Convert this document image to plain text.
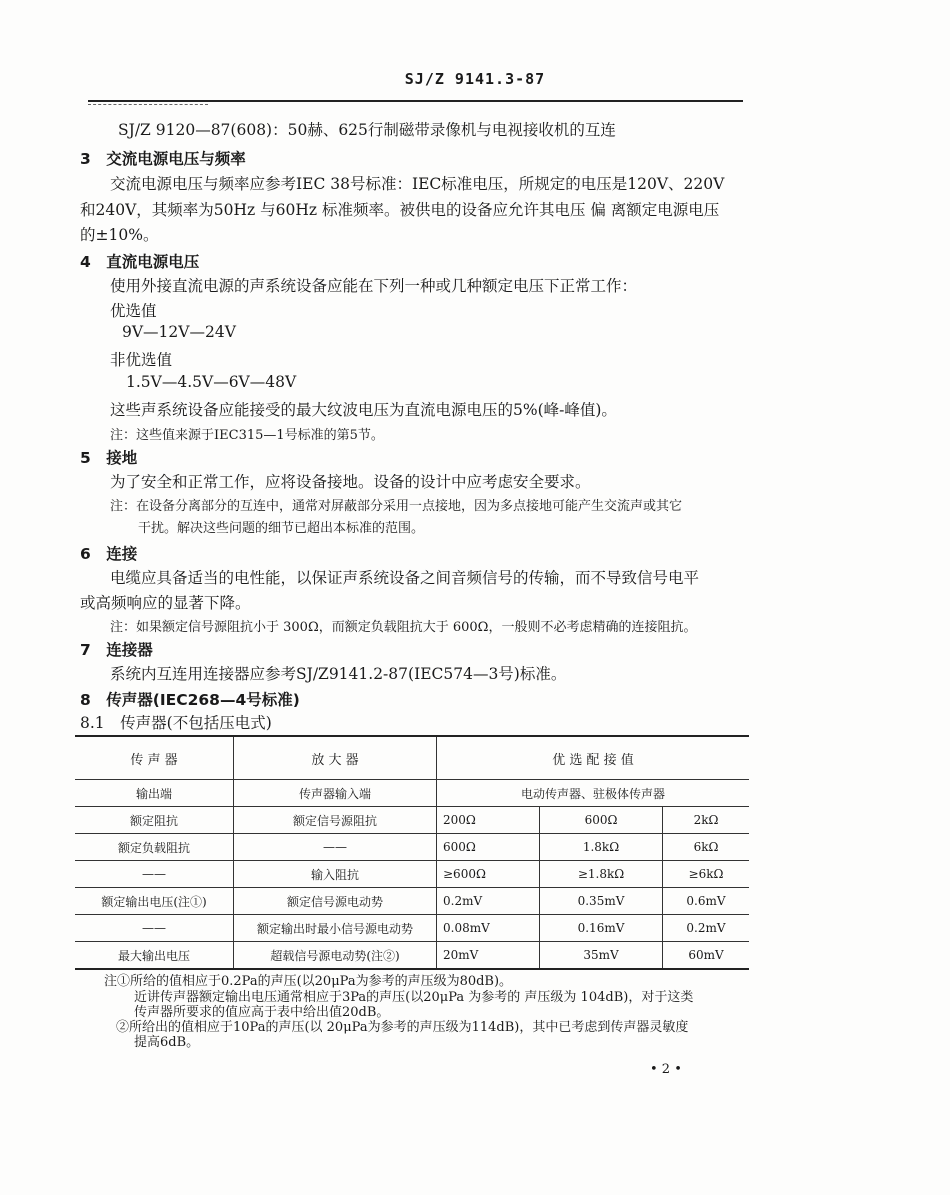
SJ/Z 9141.3-87
SJ/Z 9120—87(608)：50赫、625行制磁带录像机与电视接收机的互连
3　交流电源电压与频率
交流电源电压与频率应参考IEC 38号标准：IEC标准电压，所规定的电压是120V、220V
和240V，其频率为50Hz 与60Hz 标准频率。被供电的设备应允许其电压 偏 离额定电源电压
的±10%。
4　直流电源电压
使用外接直流电源的声系统设备应能在下列一种或几种额定电压下正常工作：
优选值
9V—12V—24V
非优选值
1.5V—4.5V—6V—48V
这些声系统设备应能接受的最大纹波电压为直流电源电压的5%(峰-峰值)。
注：这些值来源于IEC315—1号标准的第5节。
5　接地
为了安全和正常工作，应将设备接地。设备的设计中应考虑安全要求。
注：在设备分离部分的互连中，通常对屏蔽部分采用一点接地，因为多点接地可能产生交流声或其它
干扰。解决这些问题的细节已超出本标准的范围。
6　连接
电缆应具备适当的电性能，以保证声系统设备之间音频信号的传输，而不导致信号电平
或高频响应的显著下降。
注：如果额定信号源阻抗小于 300Ω，而额定负载阻抗大于 600Ω，一般则不必考虑精确的连接阻抗。
7　连接器
系统内互连用连接器应参考SJ/Z9141.2-87(IEC574—3号)标准。
8　传声器(IEC268—4号标准)
8.1　传声器(不包括压电式)
传 声 器	放 大 器	优 选 配 接 值		
输出端	传声器输入端	电动传声器、驻极体传声器		
额定阻抗	额定信号源阻抗	200Ω	600Ω	2kΩ
额定负载阻抗	——	600Ω	1.8kΩ	6kΩ
——	输入阻抗	≥600Ω	≥1.8kΩ	≥6kΩ
额定输出电压(注①)	额定信号源电动势	0.2mV	0.35mV	0.6mV
——	额定输出时最小信号源电动势	0.08mV	0.16mV	0.2mV
最大输出电压	超载信号源电动势(注②)	20mV	35mV	60mV
注①所给的值相应于0.2Pa的声压(以20μPa为参考的声压级为80dB)。
近讲传声器额定输出电压通常相应于3Pa的声压(以20μPa 为参考的 声压级为 104dB)，对于这类
传声器所要求的值应高于表中给出值20dB。
②所给出的值相应于10Pa的声压(以 20μPa为参考的声压级为114dB)，其中已考虑到传声器灵敏度
提高6dB。
• 2 •
